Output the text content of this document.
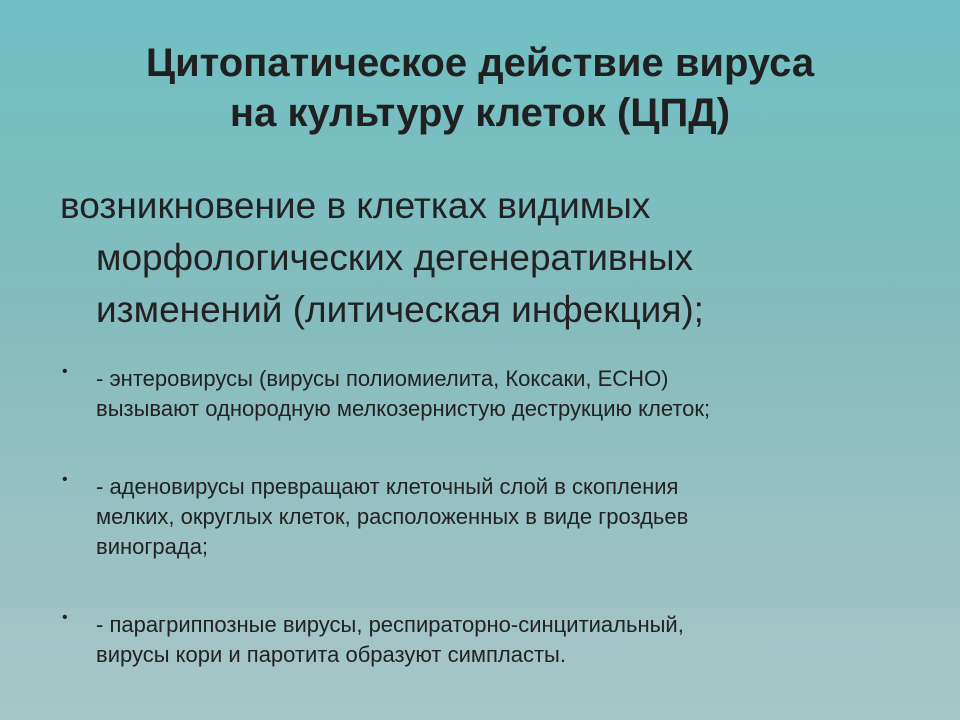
Цитопатическое действие вируса
на культуру клеток (ЦПД)
возникновение в клетках видимых
морфологических дегенеративных
изменений (литическая инфекция);
• - энтеровирусы (вирусы полиомиелита, Коксаки, ЕСНО)
вызывают однородную мелкозернистую деструкцию клеток;
• - аденовирусы превращают клеточный слой в скопления
мелких, округлых клеток, расположенных в виде гроздьев
винограда;
• - парагриппозные вирусы, респираторно-синцитиальный,
вирусы кори и паротита образуют симпласты.
